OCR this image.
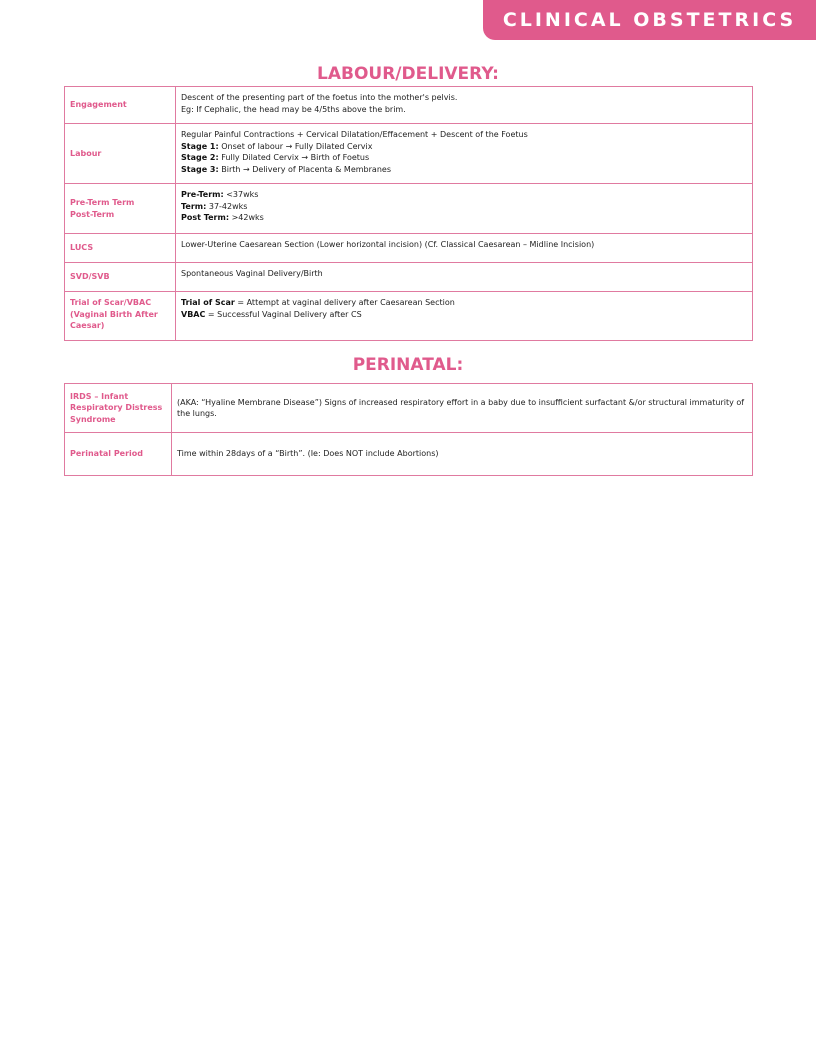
CLINICAL OBSTETRICS
LABOUR/DELIVERY:
Engagement	Descent of the presenting part of the foetus into the mother's pelvis.
Eg: If Cephalic, the head may be 4/5ths above the brim.

Labour	Regular Painful Contractions + Cervical Dilatation/Effacement + Descent of the Foetus
Stage 1: Onset of labour → Fully Dilated Cervix
Stage 2: Fully Dilated Cervix → Birth of Foetus
Stage 3: Birth → Delivery of Placenta & Membranes

Pre-Term Term
Post-Term	Pre-Term: <37wks
Term: 37-42wks
Post Term: >42wks

LUCS	Lower-Uterine Caesarean Section (Lower horizontal incision) (Cf. Classical Caesarean – Midline Incision)

SVD/SVB	Spontaneous Vaginal Delivery/Birth

Trial of Scar/VBAC
(Vaginal Birth After
Caesar)	Trial of Scar = Attempt at vaginal delivery after Caesarean Section
VBAC = Successful Vaginal Delivery after CS
PERINATAL:
IRDS – Infant
Respiratory Distress
Syndrome	(AKA: “Hyaline Membrane Disease”) Signs of increased respiratory effort in a baby due to insufficient surfactant &/or structural immaturity of the lungs.
Perinatal Period	Time within 28days of a “Birth”. (Ie: Does NOT include Abortions)
